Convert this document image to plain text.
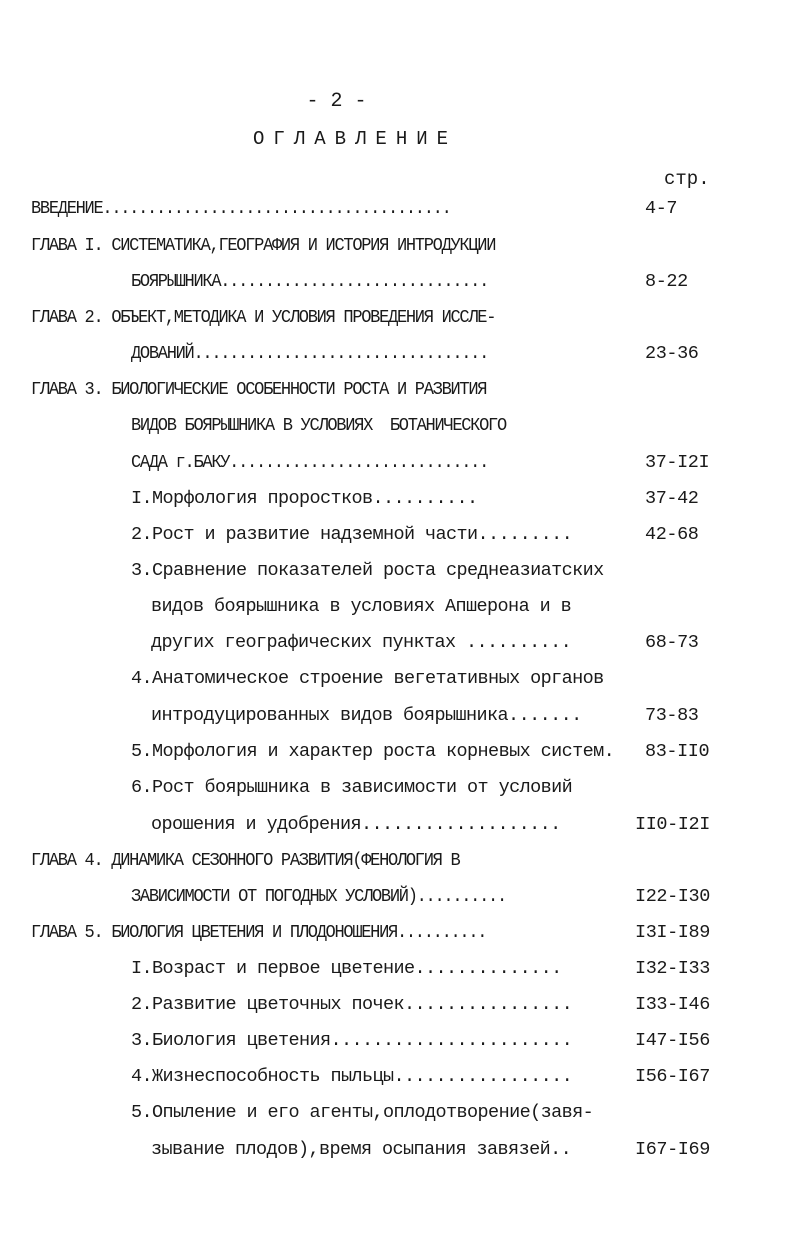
- 2 -
ОГЛАВЛЕНИЕ
стр.
ВВЕДЕНИЕ.......................................	4-7
ГЛАВА I. СИСТЕМАТИКА,ГЕОГРАФИЯ И ИСТОРИЯ ИНТРОДУКЦИИ
БОЯРЫШНИКА..............................	8-22
ГЛАВА 2. ОБЪЕКТ,МЕТОДИКА И УСЛОВИЯ ПРОВЕДЕНИЯ ИССЛЕ-
ДОВАНИЙ.................................	23-36
ГЛАВА 3. БИОЛОГИЧЕСКИЕ ОСОБЕННОСТИ РОСТА И РАЗВИТИЯ
ВИДОВ БОЯРЫШНИКА В УСЛОВИЯХ  БОТАНИЧЕСКОГО
САДА г.БАКУ.............................	37-I2I
I.Морфология проростков..........	37-42
2.Рост и развитие надземной части.........	42-68
3.Сравнение показателей роста среднеазиатских
видов боярышника в условиях Апшерона и в
других географических пунктах ..........	68-73
4.Анатомическое строение вегетативных органов
интродуцированных видов боярышника.......	73-83
5.Морфология и характер роста корневых систем. 83-II0
6.Рост боярышника в зависимости от условий
орошения и удобрения...................	II0-I2I
ГЛАВА 4. ДИНАМИКА СЕЗОННОГО РАЗВИТИЯ(ФЕНОЛОГИЯ В
ЗАВИСИМОСТИ ОТ ПОГОДНЫХ УСЛОВИЙ)..........	I22-I30
ГЛАВА 5. БИОЛОГИЯ ЦВЕТЕНИЯ И ПЛОДОНОШЕНИЯ..........	I3I-I89
I.Возраст и первое цветение..............	I32-I33
2.Развитие цветочных почек................	I33-I46
3.Биология цветения.......................	I47-I56
4.Жизнеспособность пыльцы.................	I56-I67
5.Опыление и его агенты,оплодотворение(завя-
зывание плодов),время осыпания завязей..	I67-I69
